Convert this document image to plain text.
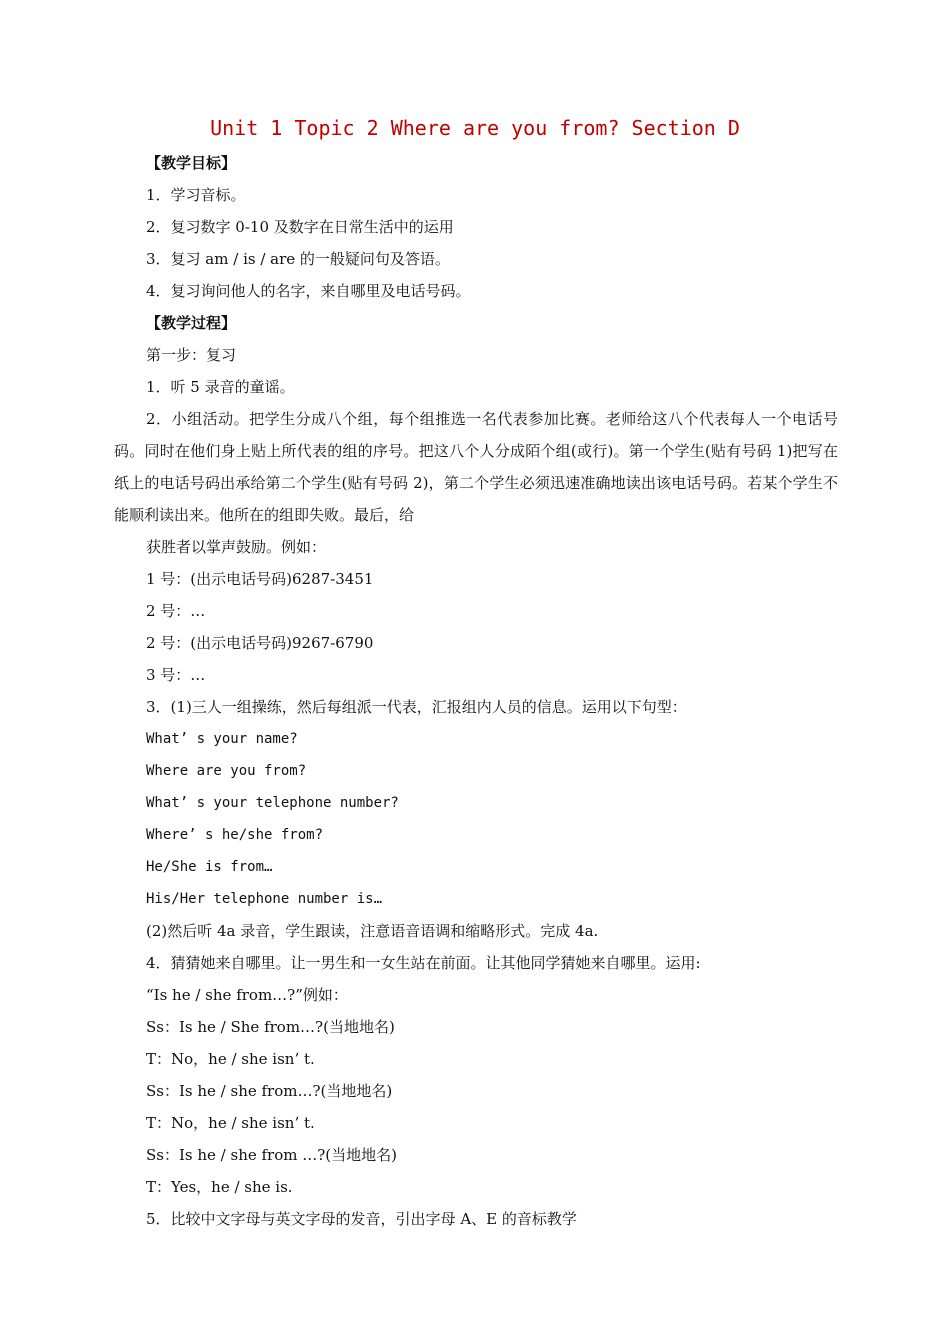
Unit 1 Topic 2 Where are you from? Section D
【教学目标】
1．学习音标。
2．复习数字 0-10 及数字在日常生活中的运用
3．复习 am / is / are 的一般疑问句及答语。
4．复习询问他人的名字，来自哪里及电话号码。
【教学过程】
第一步：复习
1．听 5 录音的童谣。
2．小组活动。把学生分成八个组，每个组推选一名代表参加比赛。老师给这八个代表每人一个电话号码。同时在他们身上贴上所代表的组的序号。把这八个人分成陌个组(或行)。第一个学生(贴有号码 1)把写在纸上的电话号码出承给第二个学生(贴有号码 2)，第二个学生必须迅速准确地读出该电话号码。若某个学生不能顺利读出来。他所在的组即失败。最后，给
获胜者以掌声鼓励。例如：
1 号：(出示电话号码)6287-3451
2 号：…
2 号：(出示电话号码)9267-6790
3 号：…
3．(1)三人一组操练，然后每组派一代表，汇报组内人员的信息。运用以下句型：
What’ s your name?
Where are you from?
What’ s your telephone number?
Where’ s he/she from?
He/She is from…
His/Her telephone number is…
(2)然后听 4a 录音，学生跟读，注意语音语调和缩略形式。完成 4a.
4．猜猜她来自哪里。让一男生和一女生站在前面。让其他同学猜她来自哪里。运用:
“Is he / she from…?”例如：
Ss：Is he / She from…?(当地地名)
T：No，he / she isn’ t.
Ss：Is he / she from…?(当地地名)
T：No，he / she isn’ t.
Ss：Is he / she from …?(当地地名)
T：Yes，he / she is.
5．比较中文字母与英文字母的发音，引出字母 A、E 的音标教学
